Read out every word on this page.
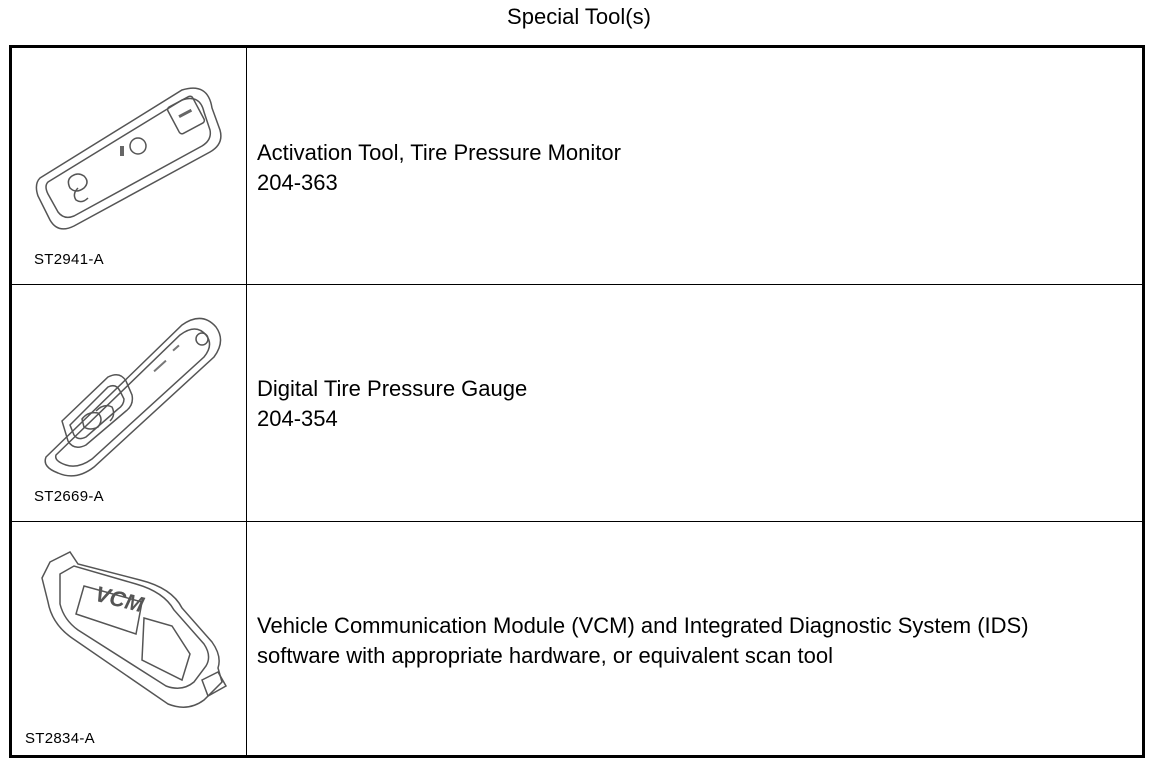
Special Tool(s)
ST2941-A
Activation Tool, Tire Pressure Monitor
204-363
ST2669-A
Digital Tire Pressure Gauge
204-354
VCM
ST2834-A
Vehicle Communication Module (VCM) and Integrated Diagnostic System (IDS)
software with appropriate hardware, or equivalent scan tool
